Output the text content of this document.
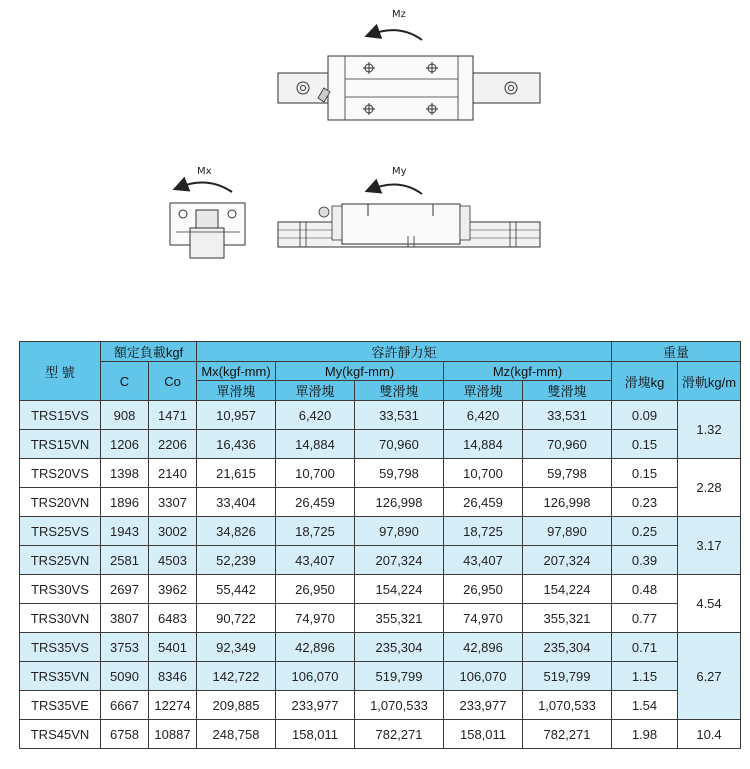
Mz
Mx	My
型 號	額定負載kgf		容許靜力矩					重量	
	C	Co	Mx(kgf-mm)	My(kgf-mm)		Mz(kgf-mm)		滑塊kg	滑軌kg/m
			單滑塊	單滑塊	雙滑塊	單滑塊	雙滑塊		
TRS15VS	908	1471	10,957	6,420	33,531	6,420	33,531	0.09	1.32
TRS15VN	1206	2206	16,436	14,884	70,960	14,884	70,960	0.15	
TRS20VS	1398	2140	21,615	10,700	59,798	10,700	59,798	0.15	2.28
TRS20VN	1896	3307	33,404	26,459	126,998	26,459	126,998	0.23	
TRS25VS	1943	3002	34,826	18,725	97,890	18,725	97,890	0.25	3.17
TRS25VN	2581	4503	52,239	43,407	207,324	43,407	207,324	0.39	
TRS30VS	2697	3962	55,442	26,950	154,224	26,950	154,224	0.48	4.54
TRS30VN	3807	6483	90,722	74,970	355,321	74,970	355,321	0.77	
TRS35VS	3753	5401	92,349	42,896	235,304	42,896	235,304	0.71	6.27
TRS35VN	5090	8346	142,722	106,070	519,799	106,070	519,799	1.15	
TRS35VE	6667	12274	209,885	233,977	1,070,533	233,977	1,070,533	1.54	
TRS45VN	6758	10887	248,758	158,011	782,271	158,011	782,271	1.98	10.4
